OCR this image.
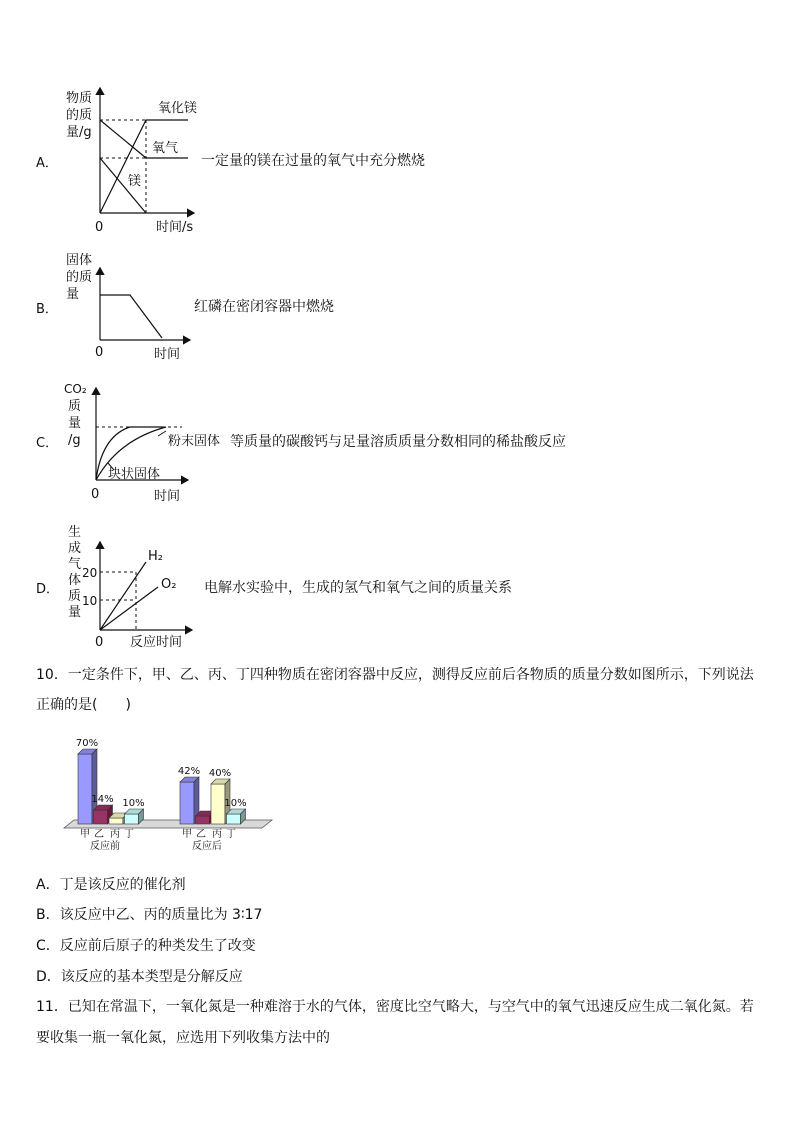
A．
物质
的质
量/g
氧化镁
氧气
镁
0	时间/s
一定量的镁在过量的氧气中充分燃烧
B．
固体
的质
量
0	时间
红磷在密闭容器中燃烧
C．
CO₂
质
量
/g	粉末固体
块状固体
0	时间
等质量的碳酸钙与足量溶质质量分数相同的稀盐酸反应
D．
生
成
气
体
质
量
20
10
H₂
O₂
0 反应时间
电解水实验中，生成的氢气和氧气之间的质量关系
10．一定条件下，甲、乙、丙、丁四种物质在密闭容器中反应，测得反应前后各物质的质量分数如图所示，下列说法
正确的是(　　)
70%
14% 10%
42% 40%
10%
甲 乙 丙 丁	甲 乙 丙 丁
反应前	反应后
A．丁是该反应的催化剂
B．该反应中乙、丙的质量比为 3∶17
C．反应前后原子的种类发生了改变
D．该反应的基本类型是分解反应
11．已知在常温下，一氧化氮是一种难溶于水的气体，密度比空气略大，与空气中的氧气迅速反应生成二氧化氮。若
要收集一瓶一氧化氮，应选用下列收集方法中的
